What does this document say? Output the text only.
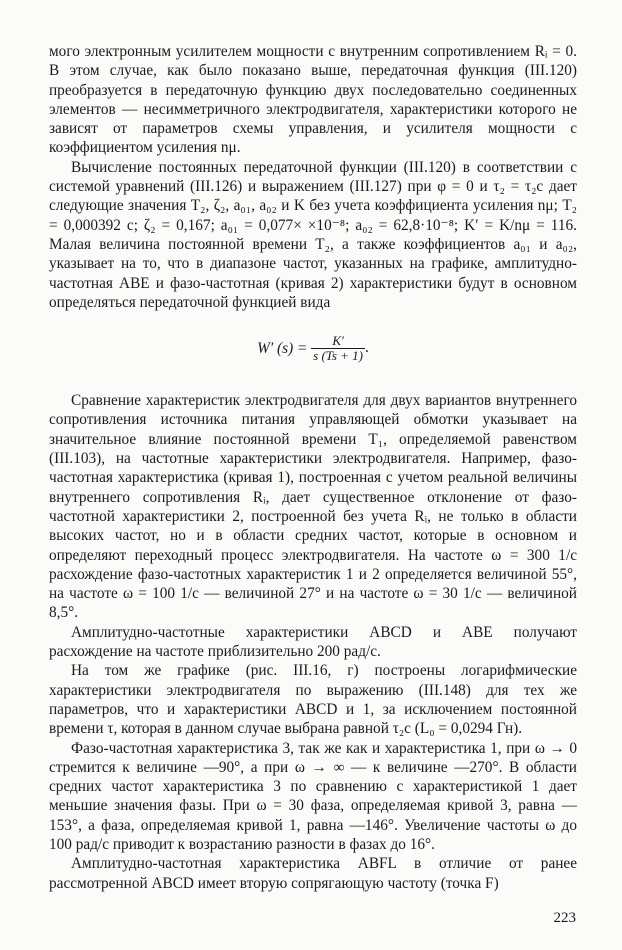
мого электронным усилителем мощности с внутренним сопротивлением Rᵢ = 0. В этом случае, как было показано выше, передаточная функция (III.120) преобразуется в передаточную функцию двух последовательно соединенных элементов — несимметричного электродвигателя, характеристики которого не зависят от параметров схемы управления, и усилителя мощности с коэффициентом усиления nμ.

Вычисление постоянных передаточной функции (III.120) в соответствии с системой уравнений (III.126) и выражением (III.127) при φ = 0 и τ₂ = τ₂c дает следующие значения T₂, ζ₂, a₀₁, a₀₂ и K без учета коэффициента усиления nμ; T₂ = 0,000392 с; ζ₂ = 0,167; a₀₁ = 0,077× ×10⁻⁸; a₀₂ = 62,8·10⁻⁸; K′ = K/nμ = 116. Малая величина постоянной времени T₂, а также коэффициентов a₀₁ и a₀₂, указывает на то, что в диапазоне частот, указанных на графике, амплитудно-частотная ABE и фазо-частотная (кривая 2) характеристики будут в основном определяться передаточной функцией вида

W′ $(s) = \frac{K'}{s (Ts + 1)}$ .

Сравнение характеристик электродвигателя для двух вариантов внутреннего сопротивления источника питания управляющей обмотки указывает на значительное влияние постоянной времени T₁, определяемой равенством (III.103), на частотные характеристики электродвигателя. Например, фазо-частотная характеристика (кривая 1), построенная с учетом реальной величины внутреннего сопротивления Rᵢ, дает существенное отклонение от фазо-частотной характеристики 2, построенной без учета Rᵢ, не только в области высоких частот, но и в области средних частот, которые в основном и определяют переходный процесс электродвигателя. На частоте ω = 300 1/с расхождение фазо-частотных характеристик 1 и 2 определяется величиной 55°, на частоте ω = 100 1/с — величиной 27° и на частоте ω = 30 1/с — величиной 8,5°.

Амплитудно-частотные характеристики ABCD и ABE получают расхождение на частоте приблизительно 200 рад/с.

На том же графике (рис. III.16, г) построены логарифмические характеристики электродвигателя по выражению (III.148) для тех же параметров, что и характеристики ABCD и 1, за исключением постоянной времени τ, которая в данном случае выбрана равной τ₂c (L₀ = 0,0294 Гн).

Фазо-частотная характеристика 3, так же как и характеристика 1, при ω → 0 стремится к величине —90°, а при ω → ∞ — к величине —270°. В области средних частот характеристика 3 по сравнению с характеристикой 1 дает меньшие значения фазы. При ω = 30 фаза, определяемая кривой 3, равна — 153°, а фаза, определяемая кривой 1, равна —146°. Увеличение частоты ω до 100 рад/с приводит к возрастанию разности в фазах до 16°.

Амплитудно-частотная характеристика ABFL в отличие от ранее рассмотренной ABCD имеет вторую сопрягающую частоту (точка F)

223
